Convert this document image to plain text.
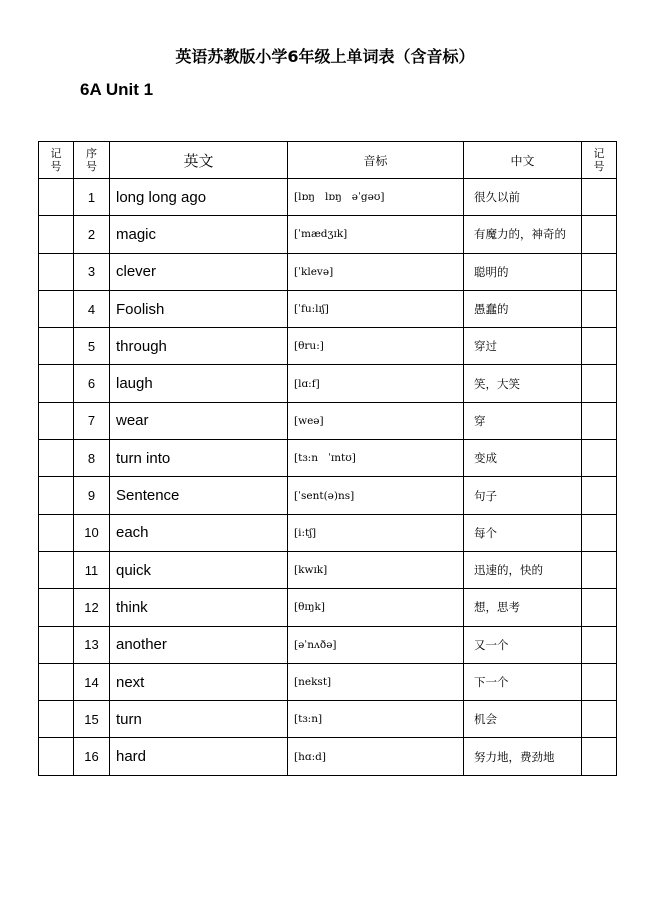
英语苏教版小学6年级上单词表（含音标）
6A Unit 1
记号	序号	英文	音标	中文	记号
	1	long long ago	[lɒŋ   lɒŋ   əˈgəʊ]	很久以前	
	2	magic	[ˈmædʒɪk]	有魔力的，神奇的	
	3	clever	[ˈklevə]	聪明的	
	4	Foolish	[ˈfu:lɪʃ]	愚蠢的	
	5	through	[θru:]	穿过	
	6	laugh	[lɑ:f]	笑，大笑	
	7	wear	[weə]	穿	
	8	turn into	[tɜ:n   ˈɪntʊ]	变成	
	9	Sentence	[ˈsent(ə)ns]	句子	
	10	each	[i:tʃ]	每个	
	11	quick	[kwɪk]	迅速的，快的	
	12	think	[θɪŋk]	想，思考	
	13	another	[əˈnʌðə]	又一个	
	14	next	[nekst]	下一个	
	15	turn	[tɜ:n]	机会	
	16	hard	[hɑ:d]	努力地，费劲地	
